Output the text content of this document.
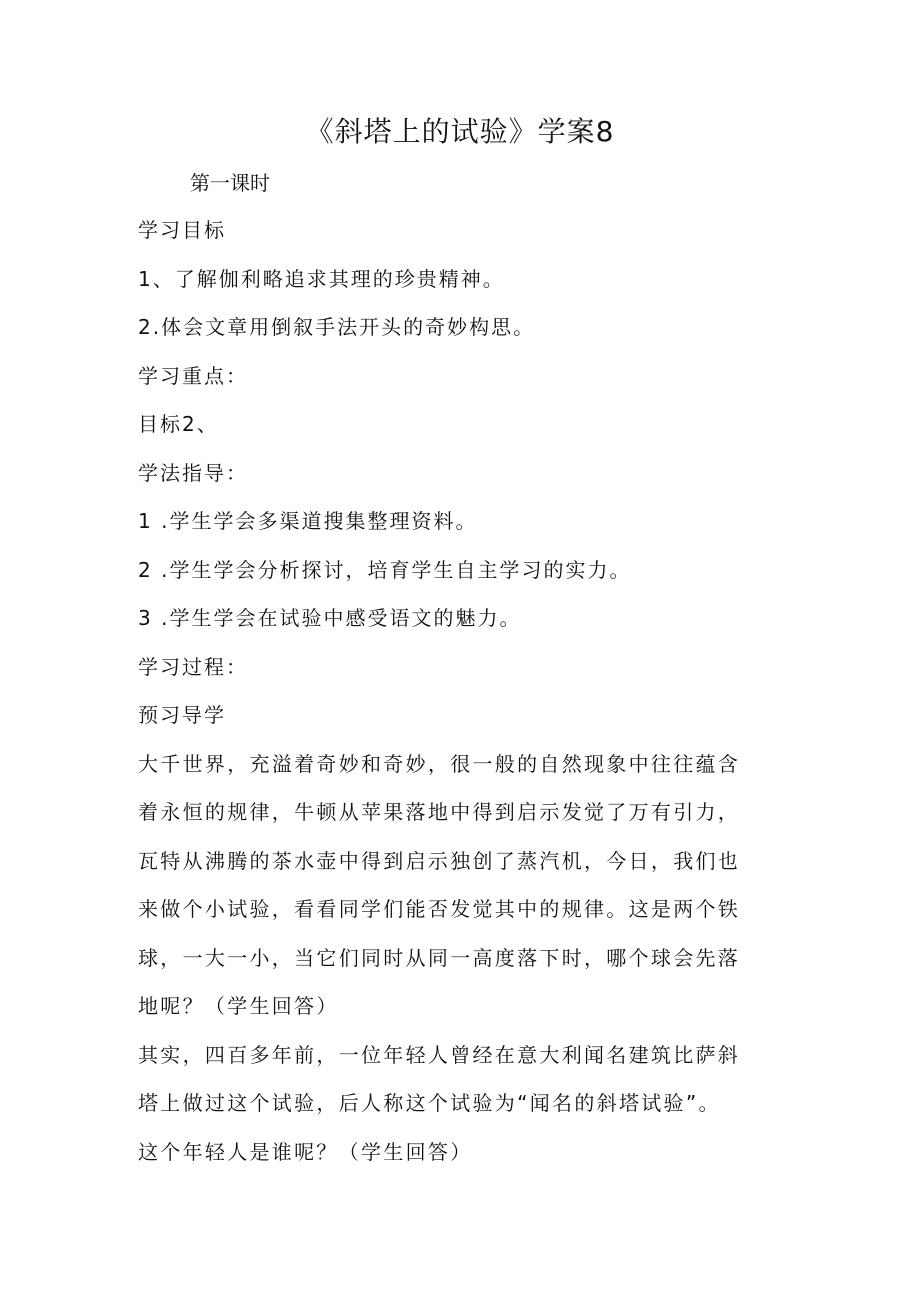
《斜塔上的试验》学案8
第一课时
学习目标
1、了解伽利略追求其理的珍贵精神。
2.体会文章用倒叙手法开头的奇妙构思。
学习重点：
目标2、
学法指导：
1 .学生学会多渠道搜集整理资料。
2 .学生学会分析探讨，培育学生自主学习的实力。
3 .学生学会在试验中感受语文的魅力。
学习过程：
预习导学
大千世界，充溢着奇妙和奇妙，很一般的自然现象中往往蕴含
着永恒的规律，牛顿从苹果落地中得到启示发觉了万有引力，
瓦特从沸腾的茶水壶中得到启示独创了蒸汽机，今日，我们也
来做个小试验，看看同学们能否发觉其中的规律。这是两个铁
球，一大一小，当它们同时从同一高度落下时，哪个球会先落
地呢？（学生回答）
其实，四百多年前，一位年轻人曾经在意大利闻名建筑比萨斜
塔上做过这个试验，后人称这个试验为“闻名的斜塔试验”。
这个年轻人是谁呢？（学生回答）
